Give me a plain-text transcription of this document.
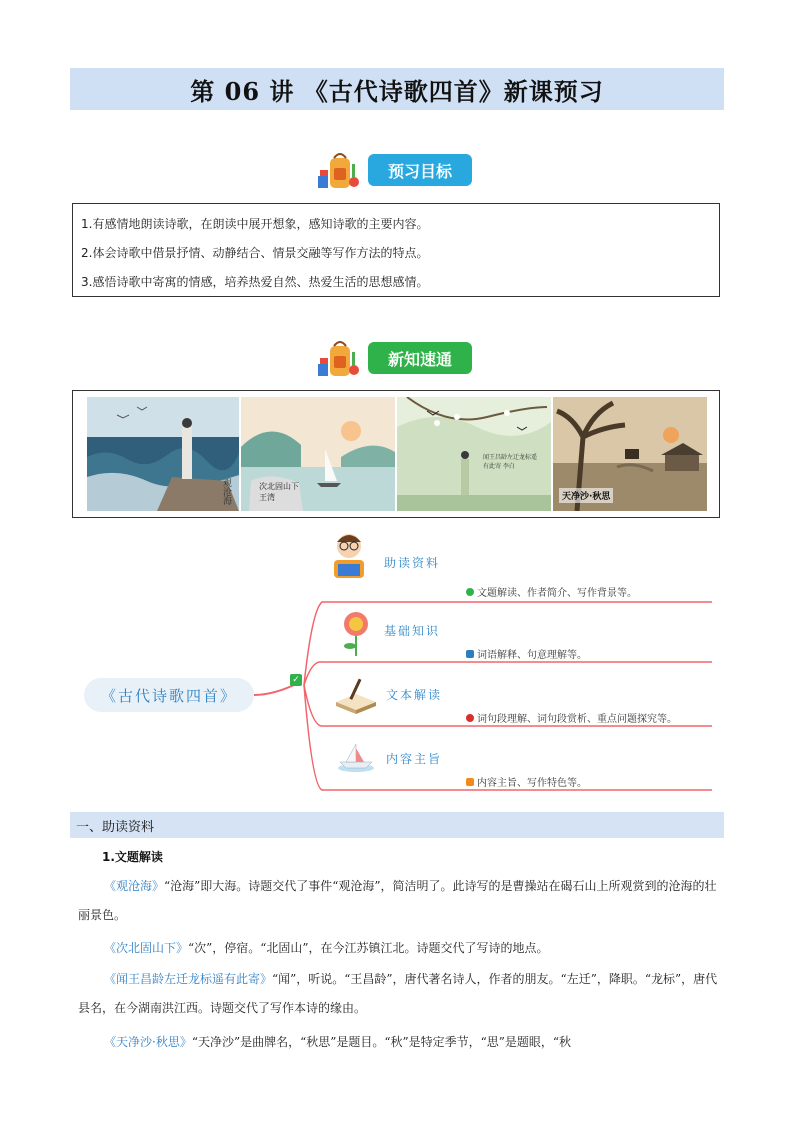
第 06 讲 《古代诗歌四首》新课预习
预习目标
1.有感情地朗读诗歌，在朗读中展开想象，感知诗歌的主要内容。
2.体会诗歌中借景抒情、动静结合、情景交融等写作方法的特点。
3.感悟诗歌中寄寓的情感，培养热爱自然、热爱生活的思想感情。
新知速通
观沧海	次北固山下 王湾
闻王昌龄左迁龙标遥有此寄 李白
天净沙·秋思
✓
《古代诗歌四首》
助读资料
文题解读、作者简介、写作背景等。
基础知识
词语解释、句意理解等。
文本解读
词句段理解、词句段赏析、重点问题探究等。
内容主旨
内容主旨、写作特色等。
一、助读资料
1.文题解读
《观沧海》“沧海”即大海。诗题交代了事件“观沧海”，简洁明了。此诗写的是曹操站在碣石山上所观赏到的沧海的壮丽景色。
《次北固山下》“次”，停宿。“北固山”，在今江苏镇江北。诗题交代了写诗的地点。
《闻王昌龄左迁龙标遥有此寄》“闻”，听说。“王昌龄”，唐代著名诗人，作者的朋友。“左迁”，降职。“龙标”，唐代县名，在今湖南洪江西。诗题交代了写作本诗的缘由。
《天净沙·秋思》“天净沙”是曲牌名，“秋思”是题目。“秋”是特定季节，“思”是题眼，“秋
